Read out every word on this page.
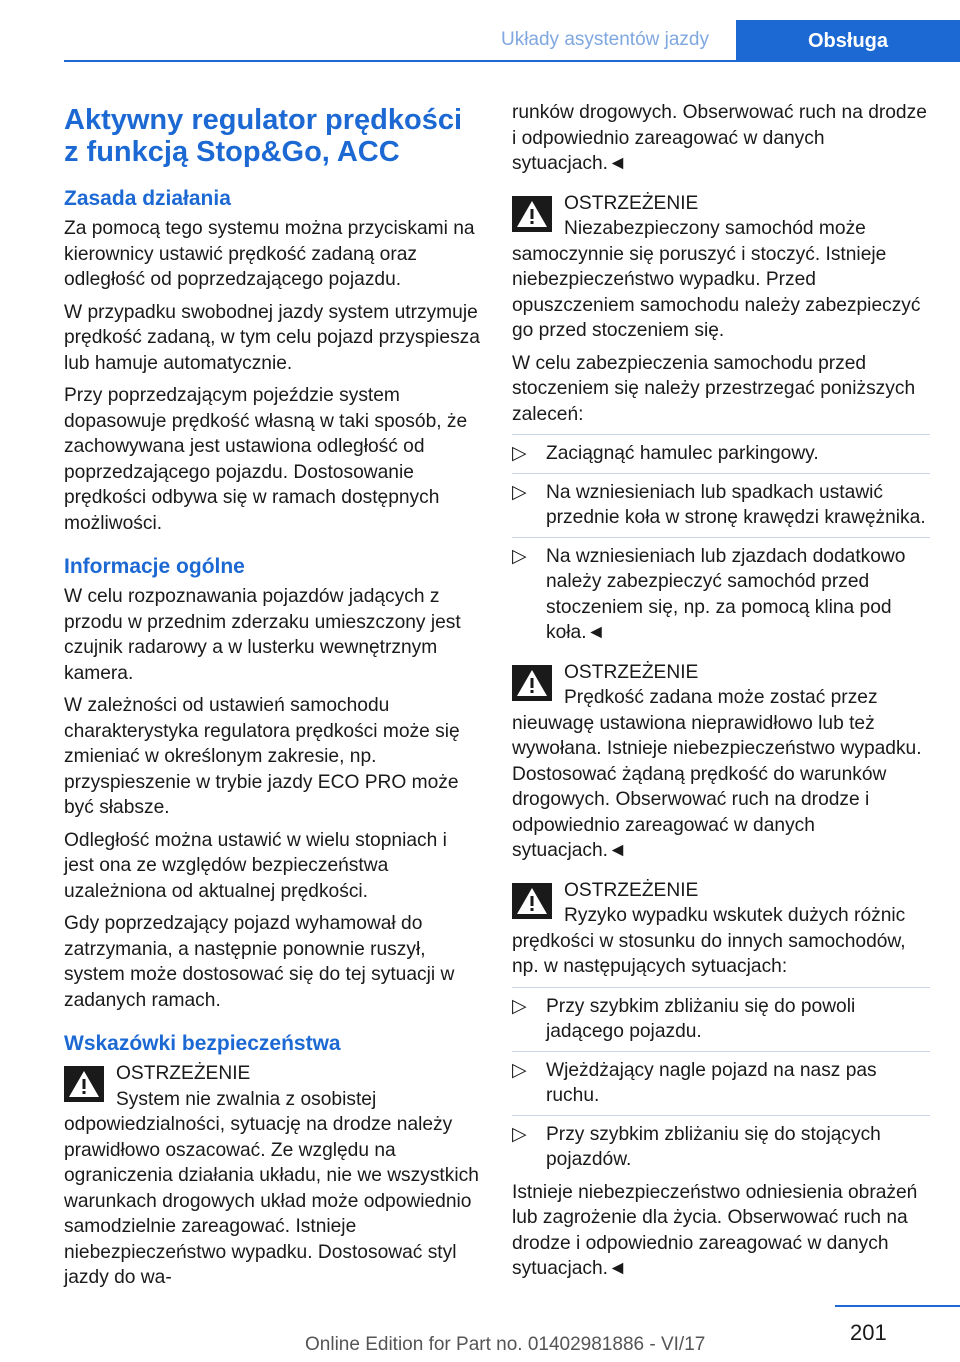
Układy asystentów jazdy	Obsługa
Aktywny regulator prędkości z funkcją Stop&Go, ACC
Zasada działania

Za pomocą tego systemu można przyciskami na kierownicy ustawić prędkość zadaną oraz odległość od poprzedzającego pojazdu.

W przypadku swobodnej jazdy system utrzymuje prędkość zadaną, w tym celu pojazd przyspiesza lub hamuje automatycznie.

Przy poprzedzającym pojeździe system dopasowuje prędkość własną w taki sposób, że zachowywana jest ustawiona odległość od poprzedzającego pojazdu. Dostosowanie prędkości odbywa się w ramach dostępnych możliwości.

Informacje ogólne

W celu rozpoznawania pojazdów jadących z przodu w przednim zderzaku umieszczony jest czujnik radarowy a w lusterku wewnętrznym kamera.

W zależności od ustawień samochodu charakterystyka regulatora prędkości może się zmieniać w określonym zakresie, np. przyspieszenie w trybie jazdy ECO PRO może być słabsze.

Odległość można ustawić w wielu stopniach i jest ona ze względów bezpieczeństwa uzależniona od aktualnej prędkości.

Gdy poprzedzający pojazd wyhamował do zatrzymania, a następnie ponownie ruszył, system może dostosować się do tej sytuacji w zadanych ramach.

Wskazówki bezpieczeństwa
OSTRZEŻENIE
System nie zwalnia z osobistej odpowiedzialności, sytuację na drodze należy prawidłowo oszacować. Ze względu na ograniczenia działania układu, nie we wszystkich warunkach drogowych układ może odpowiednio samodzielnie zareagować. Istnieje niebezpieczeństwo wypadku. Dostosować styl jazdy do wa-

runków drogowych. Obserwować ruch na drodze i odpowiednio zareagować w danych sytuacjach.◄

OSTRZEŻENIE
Niezabezpieczony samochód może samoczynnie się poruszyć i stoczyć. Istnieje niebezpieczeństwo wypadku. Przed opuszczeniem samochodu należy zabezpieczyć go przed stoczeniem się.

W celu zabezpieczenia samochodu przed stoczeniem się należy przestrzegać poniższych zaleceń:

▷ Zaciągnąć hamulec parkingowy.
▷ Na wzniesieniach lub spadkach ustawić przednie koła w stronę krawędzi krawężnika.
▷ Na wzniesieniach lub zjazdach dodatkowo należy zabezpieczyć samochód przed stoczeniem się, np. za pomocą klina pod koła.◄
OSTRZEŻENIE
Prędkość zadana może zostać przez nieuwagę ustawiona nieprawidłowo lub też wywołana. Istnieje niebezpieczeństwo wypadku. Dostosować żądaną prędkość do warunków drogowych. Obserwować ruch na drodze i odpowiednio zareagować w danych sytuacjach.◄
OSTRZEŻENIE
Ryzyko wypadku wskutek dużych różnic prędkości w stosunku do innych samochodów, np. w następujących sytuacjach:
▷ Przy szybkim zbliżaniu się do powoli jadącego pojazdu.
▷ Wjeżdżający nagle pojazd na nasz pas ruchu.
▷ Przy szybkim zbliżaniu się do stojących pojazdów.

Istnieje niebezpieczeństwo odniesienia obrażeń lub zagrożenie dla życia. Obserwować ruch na drodze i odpowiednio zareagować w danych sytuacjach.◄

201
Online Edition for Part no. 01402981886 - VI/17
